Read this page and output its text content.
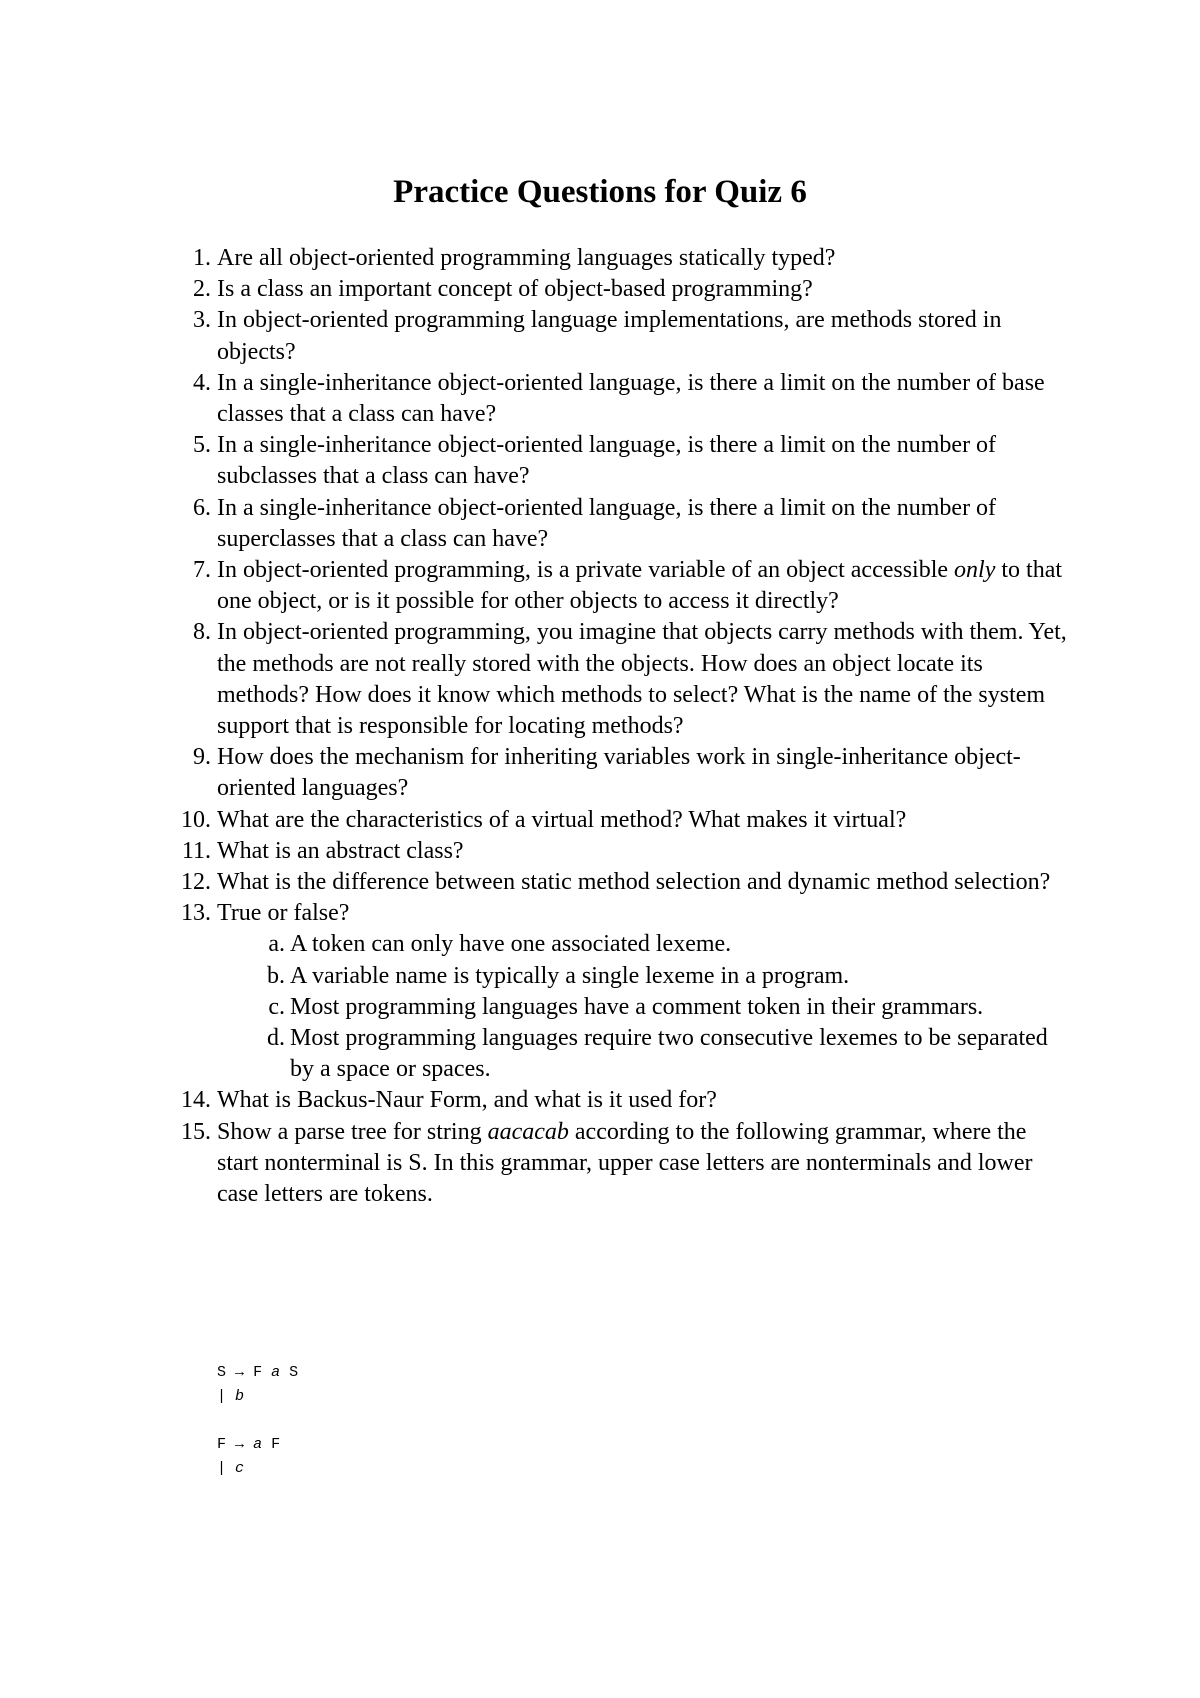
Practice Questions for Quiz 6
1. Are all object-oriented programming languages statically typed?
2. Is a class an important concept of object-based programming?
3. In object-oriented programming language implementations, are methods stored in objects?
4. In a single-inheritance object-oriented language, is there a limit on the number of base classes that a class can have?
5. In a single-inheritance object-oriented language, is there a limit on the number of subclasses that a class can have?
6. In a single-inheritance object-oriented language, is there a limit on the number of superclasses that a class can have?
7. In object-oriented programming, is a private variable of an object accessible only to that one object, or is it possible for other objects to access it directly?
8. In object-oriented programming, you imagine that objects carry methods with them. Yet, the methods are not really stored with the objects. How does an object locate its methods? How does it know which methods to select? What is the name of the system support that is responsible for locating methods?
9. How does the mechanism for inheriting variables work in single-inheritance object-oriented languages?
10. What are the characteristics of a virtual method? What makes it virtual?
11. What is an abstract class?
12. What is the difference between static method selection and dynamic method selection?
13. True or false?
a. A token can only have one associated lexeme.
b. A variable name is typically a single lexeme in a program.
c. Most programming languages have a comment token in their grammars.
d. Most programming languages require two consecutive lexemes to be separated by a space or spaces.
14. What is Backus-Naur Form, and what is it used for?
15. Show a parse tree for string aacacab according to the following grammar, where the start nonterminal is S. In this grammar, upper case letters are nonterminals and lower case letters are tokens.
S → F a S
| b
F → a F
| c
